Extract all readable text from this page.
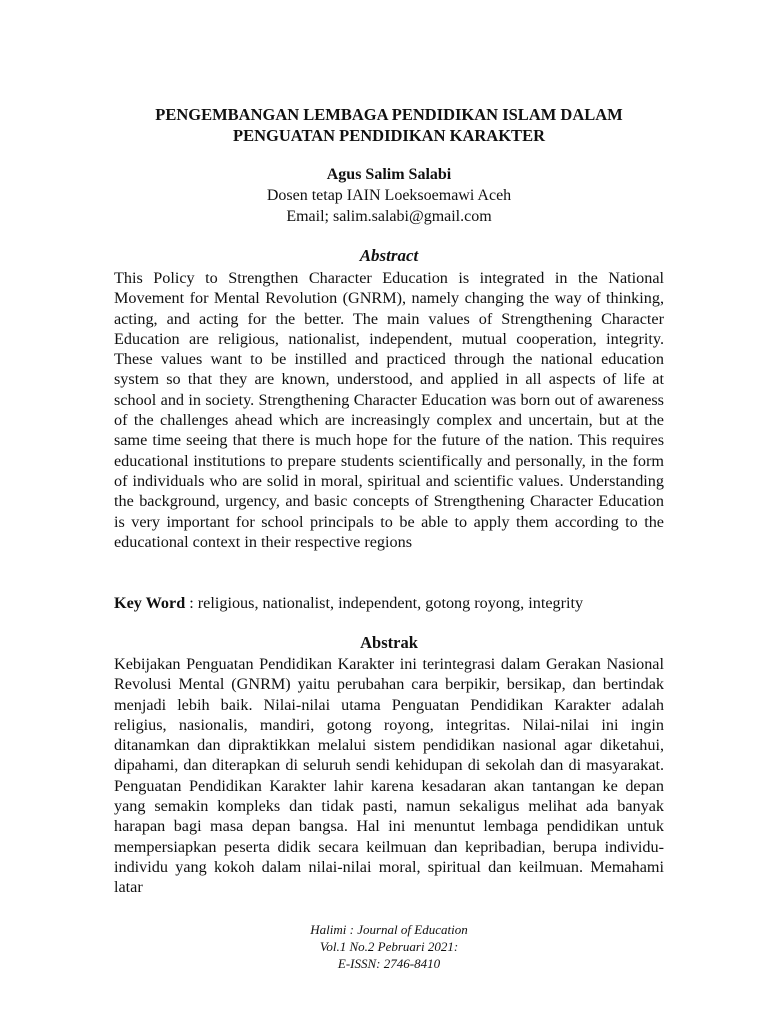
PENGEMBANGAN LEMBAGA PENDIDIKAN ISLAM DALAM
PENGUATAN PENDIDIKAN KARAKTER
Agus Salim Salabi
Dosen tetap IAIN Loeksoemawi Aceh
Email; salim.salabi@gmail.com
Abstract

This Policy to Strengthen Character Education is integrated in the National Movement for Mental Revolution (GNRM), namely changing the way of thinking, acting, and acting for the better. The main values of Strengthening Character Education are religious, nationalist, independent, mutual cooperation, integrity. These values want to be instilled and practiced through the national education system so that they are known, understood, and applied in all aspects of life at school and in society. Strengthening Character Education was born out of awareness of the challenges ahead which are increasingly complex and uncertain, but at the same time seeing that there is much hope for the future of the nation. This requires educational institutions to prepare students scientifically and personally, in the form of individuals who are solid in moral, spiritual and scientific values. Understanding the background, urgency, and basic concepts of Strengthening Character Education is very important for school principals to be able to apply them according to the educational context in their respective regions

Key Word : religious, nationalist, independent, gotong royong, integrity
Abstrak

Kebijakan Penguatan Pendidikan Karakter ini terintegrasi dalam Gerakan Nasional Revolusi Mental (GNRM) yaitu perubahan cara berpikir, bersikap, dan bertindak menjadi lebih baik. Nilai-nilai utama Penguatan Pendidikan Karakter adalah religius, nasionalis, mandiri, gotong royong, integritas. Nilai-nilai ini ingin ditanamkan dan dipraktikkan melalui sistem pendidikan nasional agar diketahui, dipahami, dan diterapkan di seluruh sendi kehidupan di sekolah dan di masyarakat. Penguatan Pendidikan Karakter lahir karena kesadaran akan tantangan ke depan yang semakin kompleks dan tidak pasti, namun sekaligus melihat ada banyak harapan bagi masa depan bangsa. Hal ini menuntut lembaga pendidikan untuk mempersiapkan peserta didik secara keilmuan dan kepribadian, berupa individu-individu yang kokoh dalam nilai-nilai moral, spiritual dan keilmuan. Memahami latar

Halimi : Journal of Education
Vol.1 No.2 Pebruari 2021:
E-ISSN: 2746-8410
